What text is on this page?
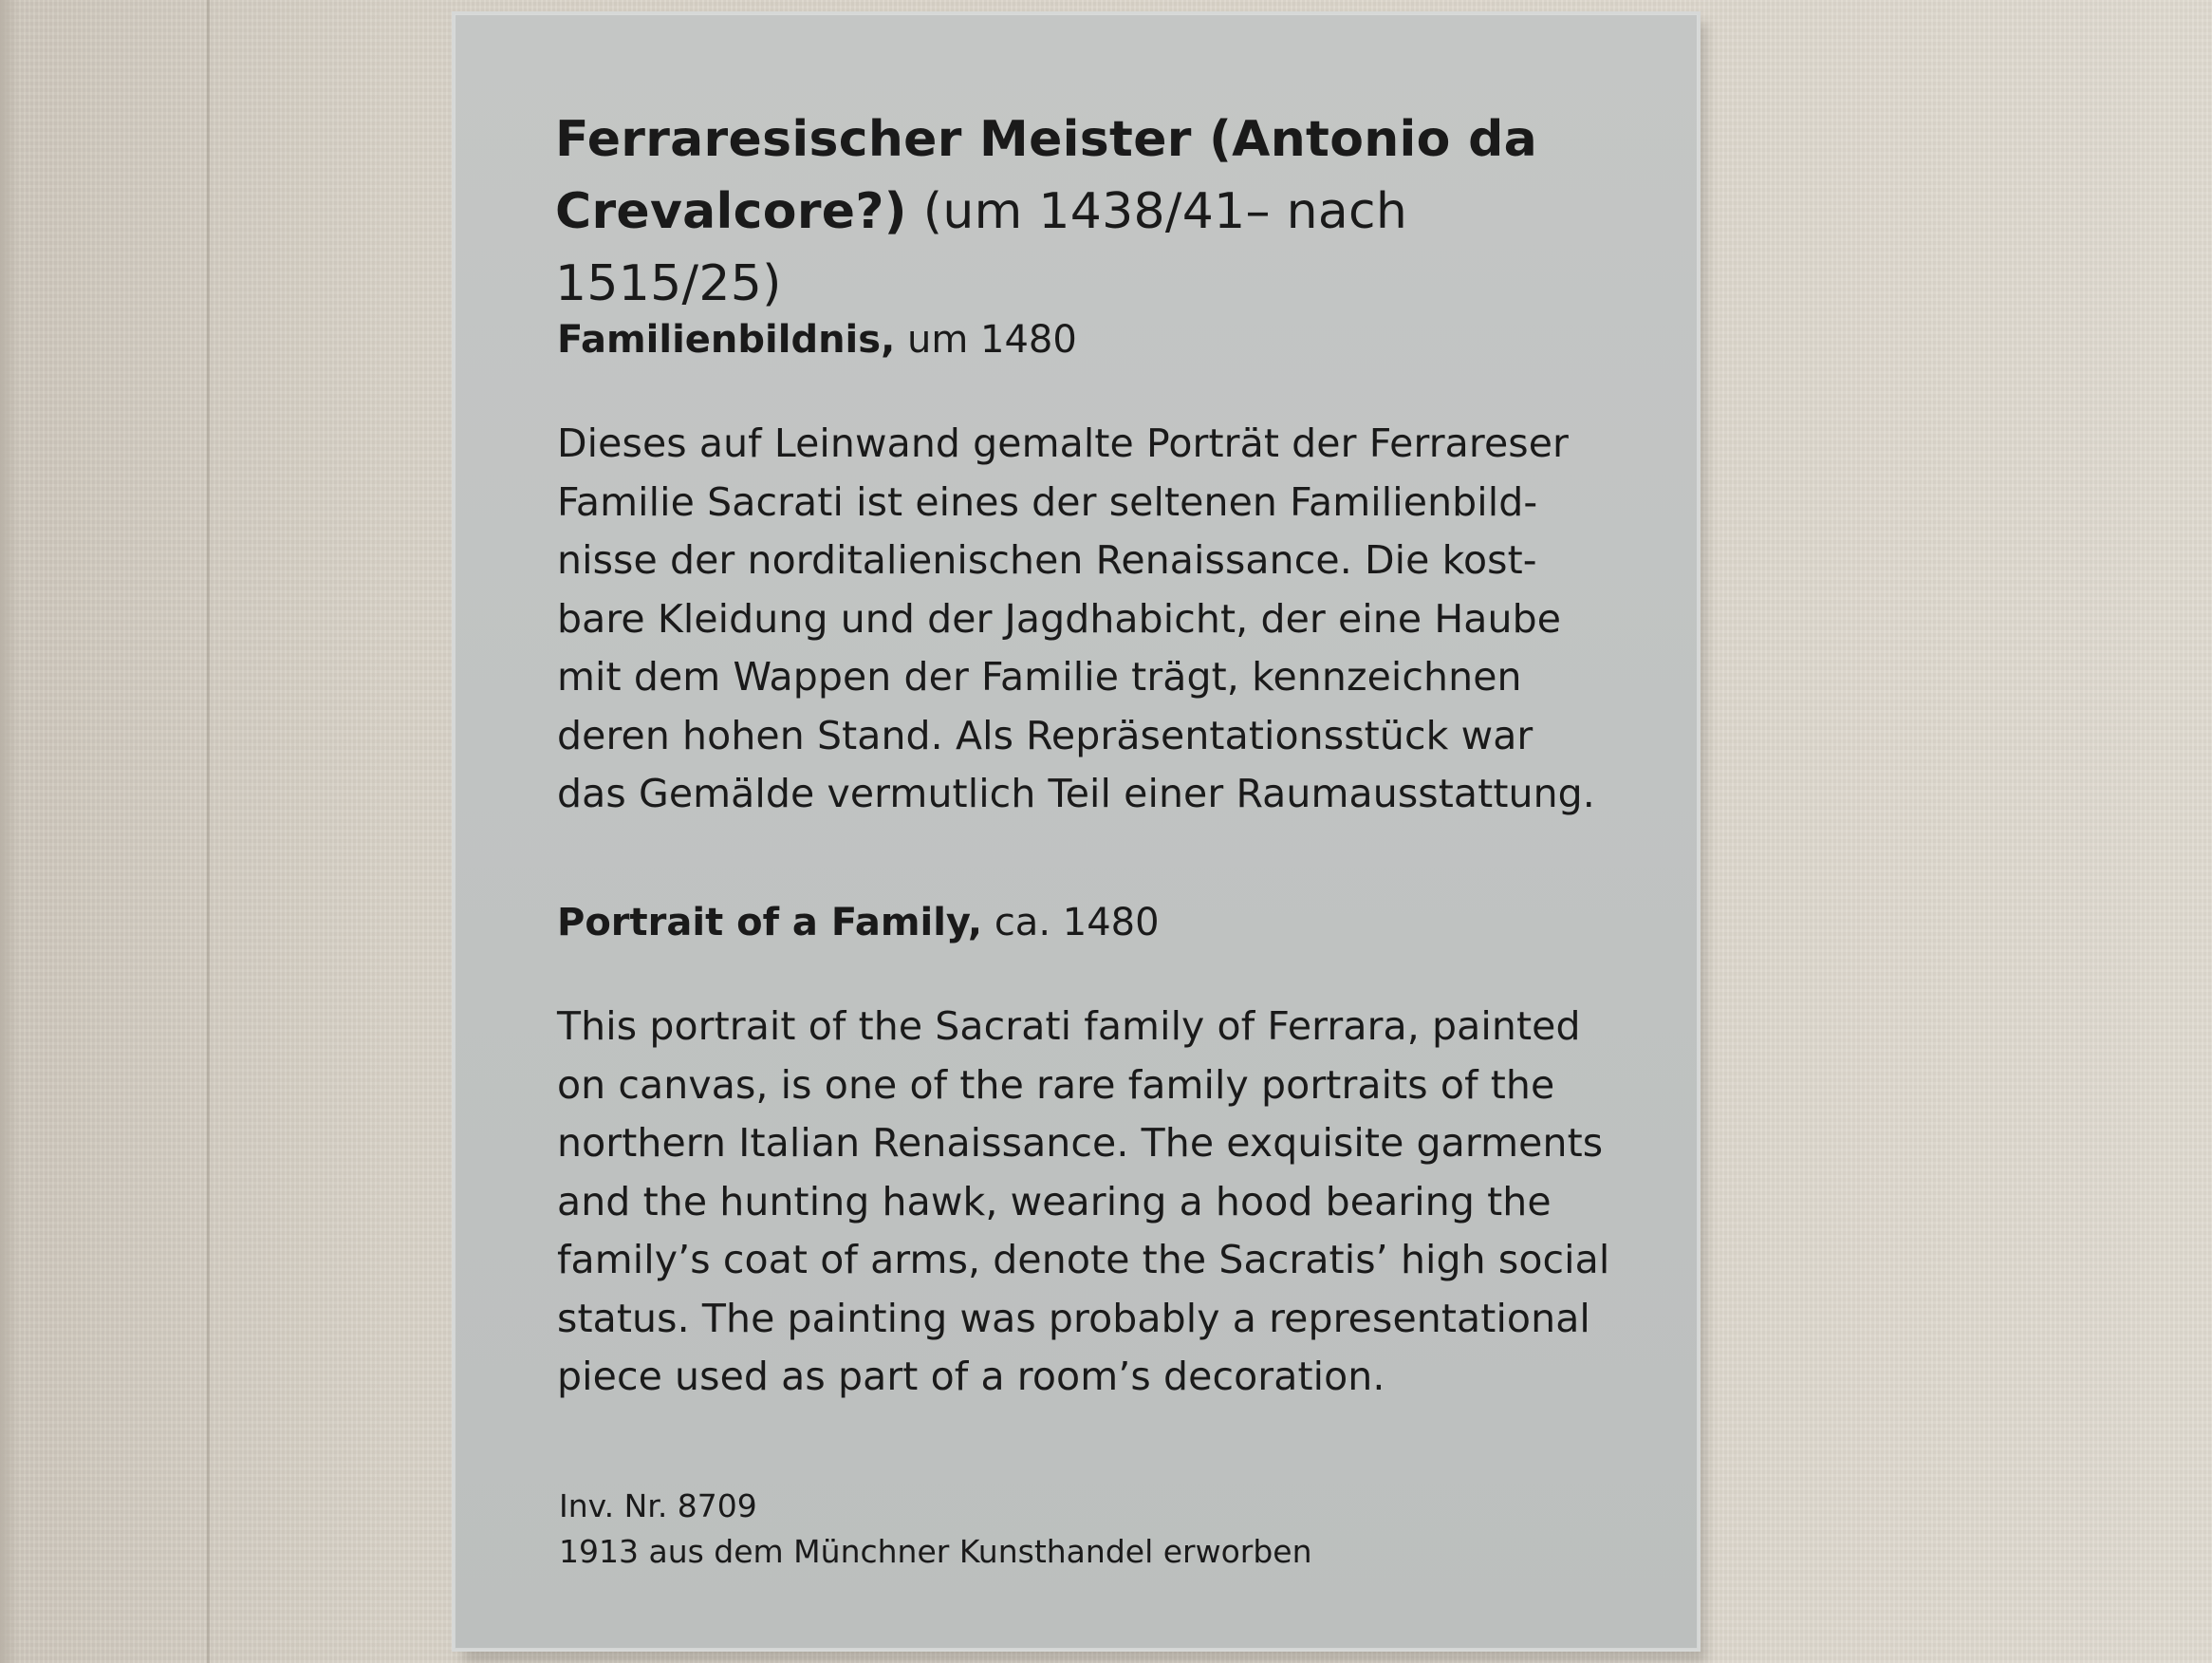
Ferraresischer Meister (Antonio da
Crevalcore?) (um 1438/41– nach 1515/25)
Familienbildnis, um 1480
Dieses auf Leinwand gemalte Porträt der Ferrareser
Familie Sacrati ist eines der seltenen Familienbild-
nisse der norditalienischen Renaissance. Die kost-
bare Kleidung und der Jagdhabicht, der eine Haube
mit dem Wappen der Familie trägt, kennzeichnen
deren hohen Stand. Als Repräsentationsstück war
das Gemälde vermutlich Teil einer Raumausstattung.
Portrait of a Family, ca. 1480
This portrait of the Sacrati family of Ferrara, painted
on canvas, is one of the rare family portraits of the
northern Italian Renaissance. The exquisite garments
and the hunting hawk, wearing a hood bearing the
family’s coat of arms, denote the Sacratis’ high social
status. The painting was probably a representational
piece used as part of a room’s decoration.
Inv. Nr. 8709
1913 aus dem Münchner Kunsthandel erworben
